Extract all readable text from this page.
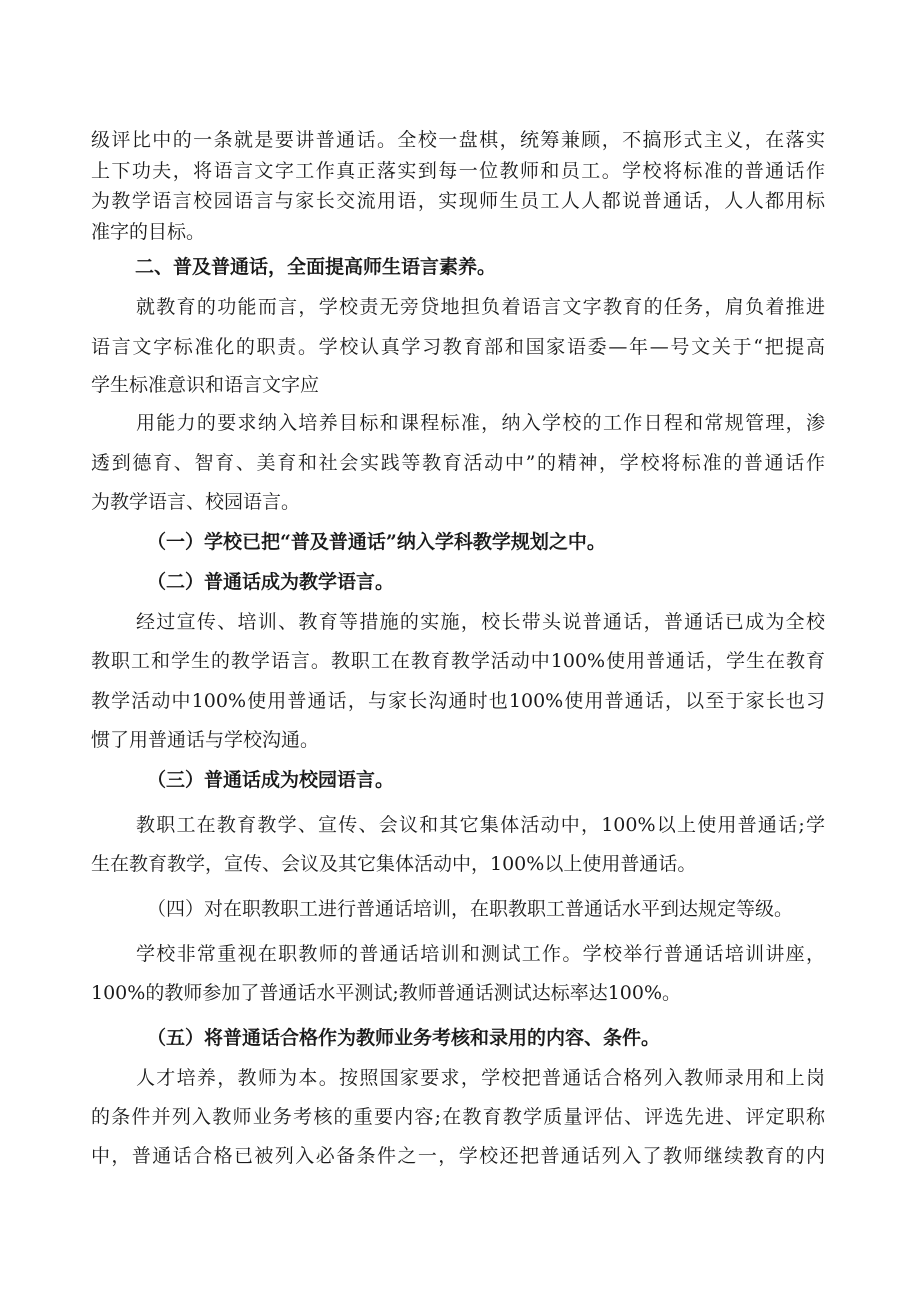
级评比中的一条就是要讲普通话。全校一盘棋，统筹兼顾，不搞形式主义，在落实
上下功夫，将语言文字工作真正落实到每一位教师和员工。学校将标准的普通话作
为教学语言校园语言与家长交流用语，实现师生员工人人都说普通话，人人都用标
准字的目标。
二、普及普通话，全面提高师生语言素养。
就教育的功能而言，学校责无旁贷地担负着语言文字教育的任务，肩负着推进
语言文字标准化的职责。学校认真学习教育部和国家语委—年—号文关于“把提高
学生标准意识和语言文字应
用能力的要求纳入培养目标和课程标准，纳入学校的工作日程和常规管理，渗
透到德育、智育、美育和社会实践等教育活动中”的精神，学校将标准的普通话作
为教学语言、校园语言。
（一）学校已把“普及普通话”纳入学科教学规划之中。
（二）普通话成为教学语言。
经过宣传、培训、教育等措施的实施，校长带头说普通话，普通话已成为全校
教职工和学生的教学语言。教职工在教育教学活动中100%使用普通话，学生在教育
教学活动中100%使用普通话，与家长沟通时也100%使用普通话，以至于家长也习
惯了用普通话与学校沟通。
（三）普通话成为校园语言。
教职工在教育教学、宣传、会议和其它集体活动中，100%以上使用普通话;学
生在教育教学，宣传、会议及其它集体活动中，100%以上使用普通话。
（四）对在职教职工进行普通话培训，在职教职工普通话水平到达规定等级。
学校非常重视在职教师的普通话培训和测试工作。学校举行普通话培训讲座，
100%的教师参加了普通话水平测试;教师普通话测试达标率达100%。
（五）将普通话合格作为教师业务考核和录用的内容、条件。
人才培养，教师为本。按照国家要求，学校把普通话合格列入教师录用和上岗
的条件并列入教师业务考核的重要内容;在教育教学质量评估、评选先进、评定职称
中，普通话合格已被列入必备条件之一，学校还把普通话列入了教师继续教育的内
